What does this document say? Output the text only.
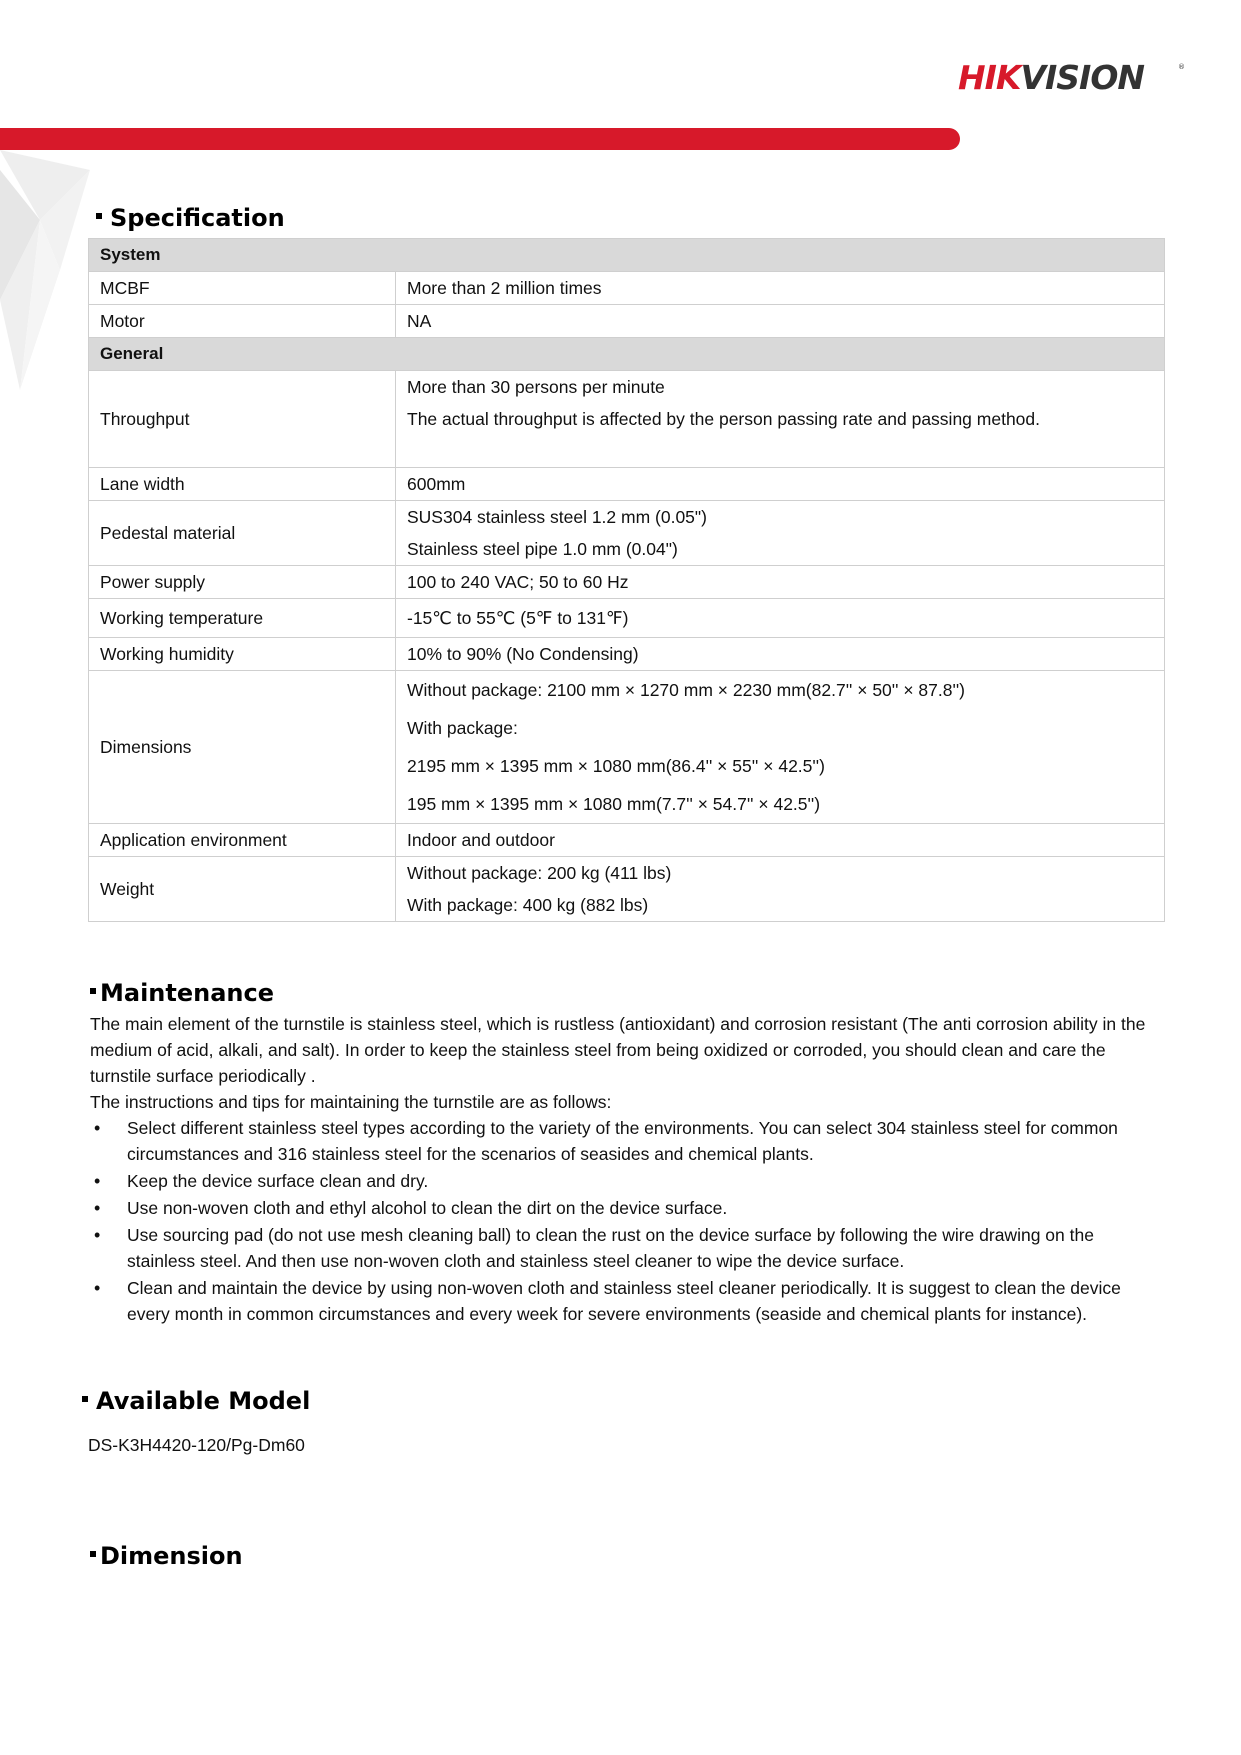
HIKVISION	®
Specification
System	
MCBF	More than 2 million times

Motor	NA

General	
Throughput	More than 30 persons per minute
The actual throughput is affected by the person passing rate and passing method.

Lane width	600mm

Pedestal material	SUS304 stainless steel 1.2 mm (0.05")
Stainless steel pipe 1.0 mm (0.04")

Power supply	100 to 240 VAC; 50 to 60 Hz

Working temperature	-15℃ to 55℃ (5℉ to 131℉)

Working humidity	10% to 90% (No Condensing)

Dimensions	Without package: 2100 mm × 1270 mm × 2230 mm(82.7'' × 50'' × 87.8'')
With package:
2195 mm × 1395 mm × 1080 mm(86.4'' × 55'' × 42.5'')
195 mm × 1395 mm × 1080 mm(7.7'' × 54.7'' × 42.5'')

Application environment	Indoor and outdoor

Weight	Without package: 200 kg (411 lbs)
With package: 400 kg (882 lbs)
Maintenance

The main element of the turnstile is stainless steel, which is rustless (antioxidant) and corrosion resistant (The anti corrosion ability in the medium of acid, alkali, and salt). In order to keep the stainless steel from being oxidized or corroded, you should clean and care the turnstile surface periodically .

The instructions and tips for maintaining the turnstile are as follows:

• Select different stainless steel types according to the variety of the environments. You can select 304 stainless steel for common circumstances and 316 stainless steel for the scenarios of seasides and chemical plants.
• Keep the device surface clean and dry.
• Use non-woven cloth and ethyl alcohol to clean the dirt on the device surface.
• Use sourcing pad (do not use mesh cleaning ball) to clean the rust on the device surface by following the wire drawing on the stainless steel. And then use non-woven cloth and stainless steel cleaner to wipe the device surface.
• Clean and maintain the device by using non-woven cloth and stainless steel cleaner periodically. It is suggest to clean the device every month in common circumstances and every week for severe environments (seaside and chemical plants for instance).
Available Model

DS-K3H4420-120/Pg-Dm60

Dimension
